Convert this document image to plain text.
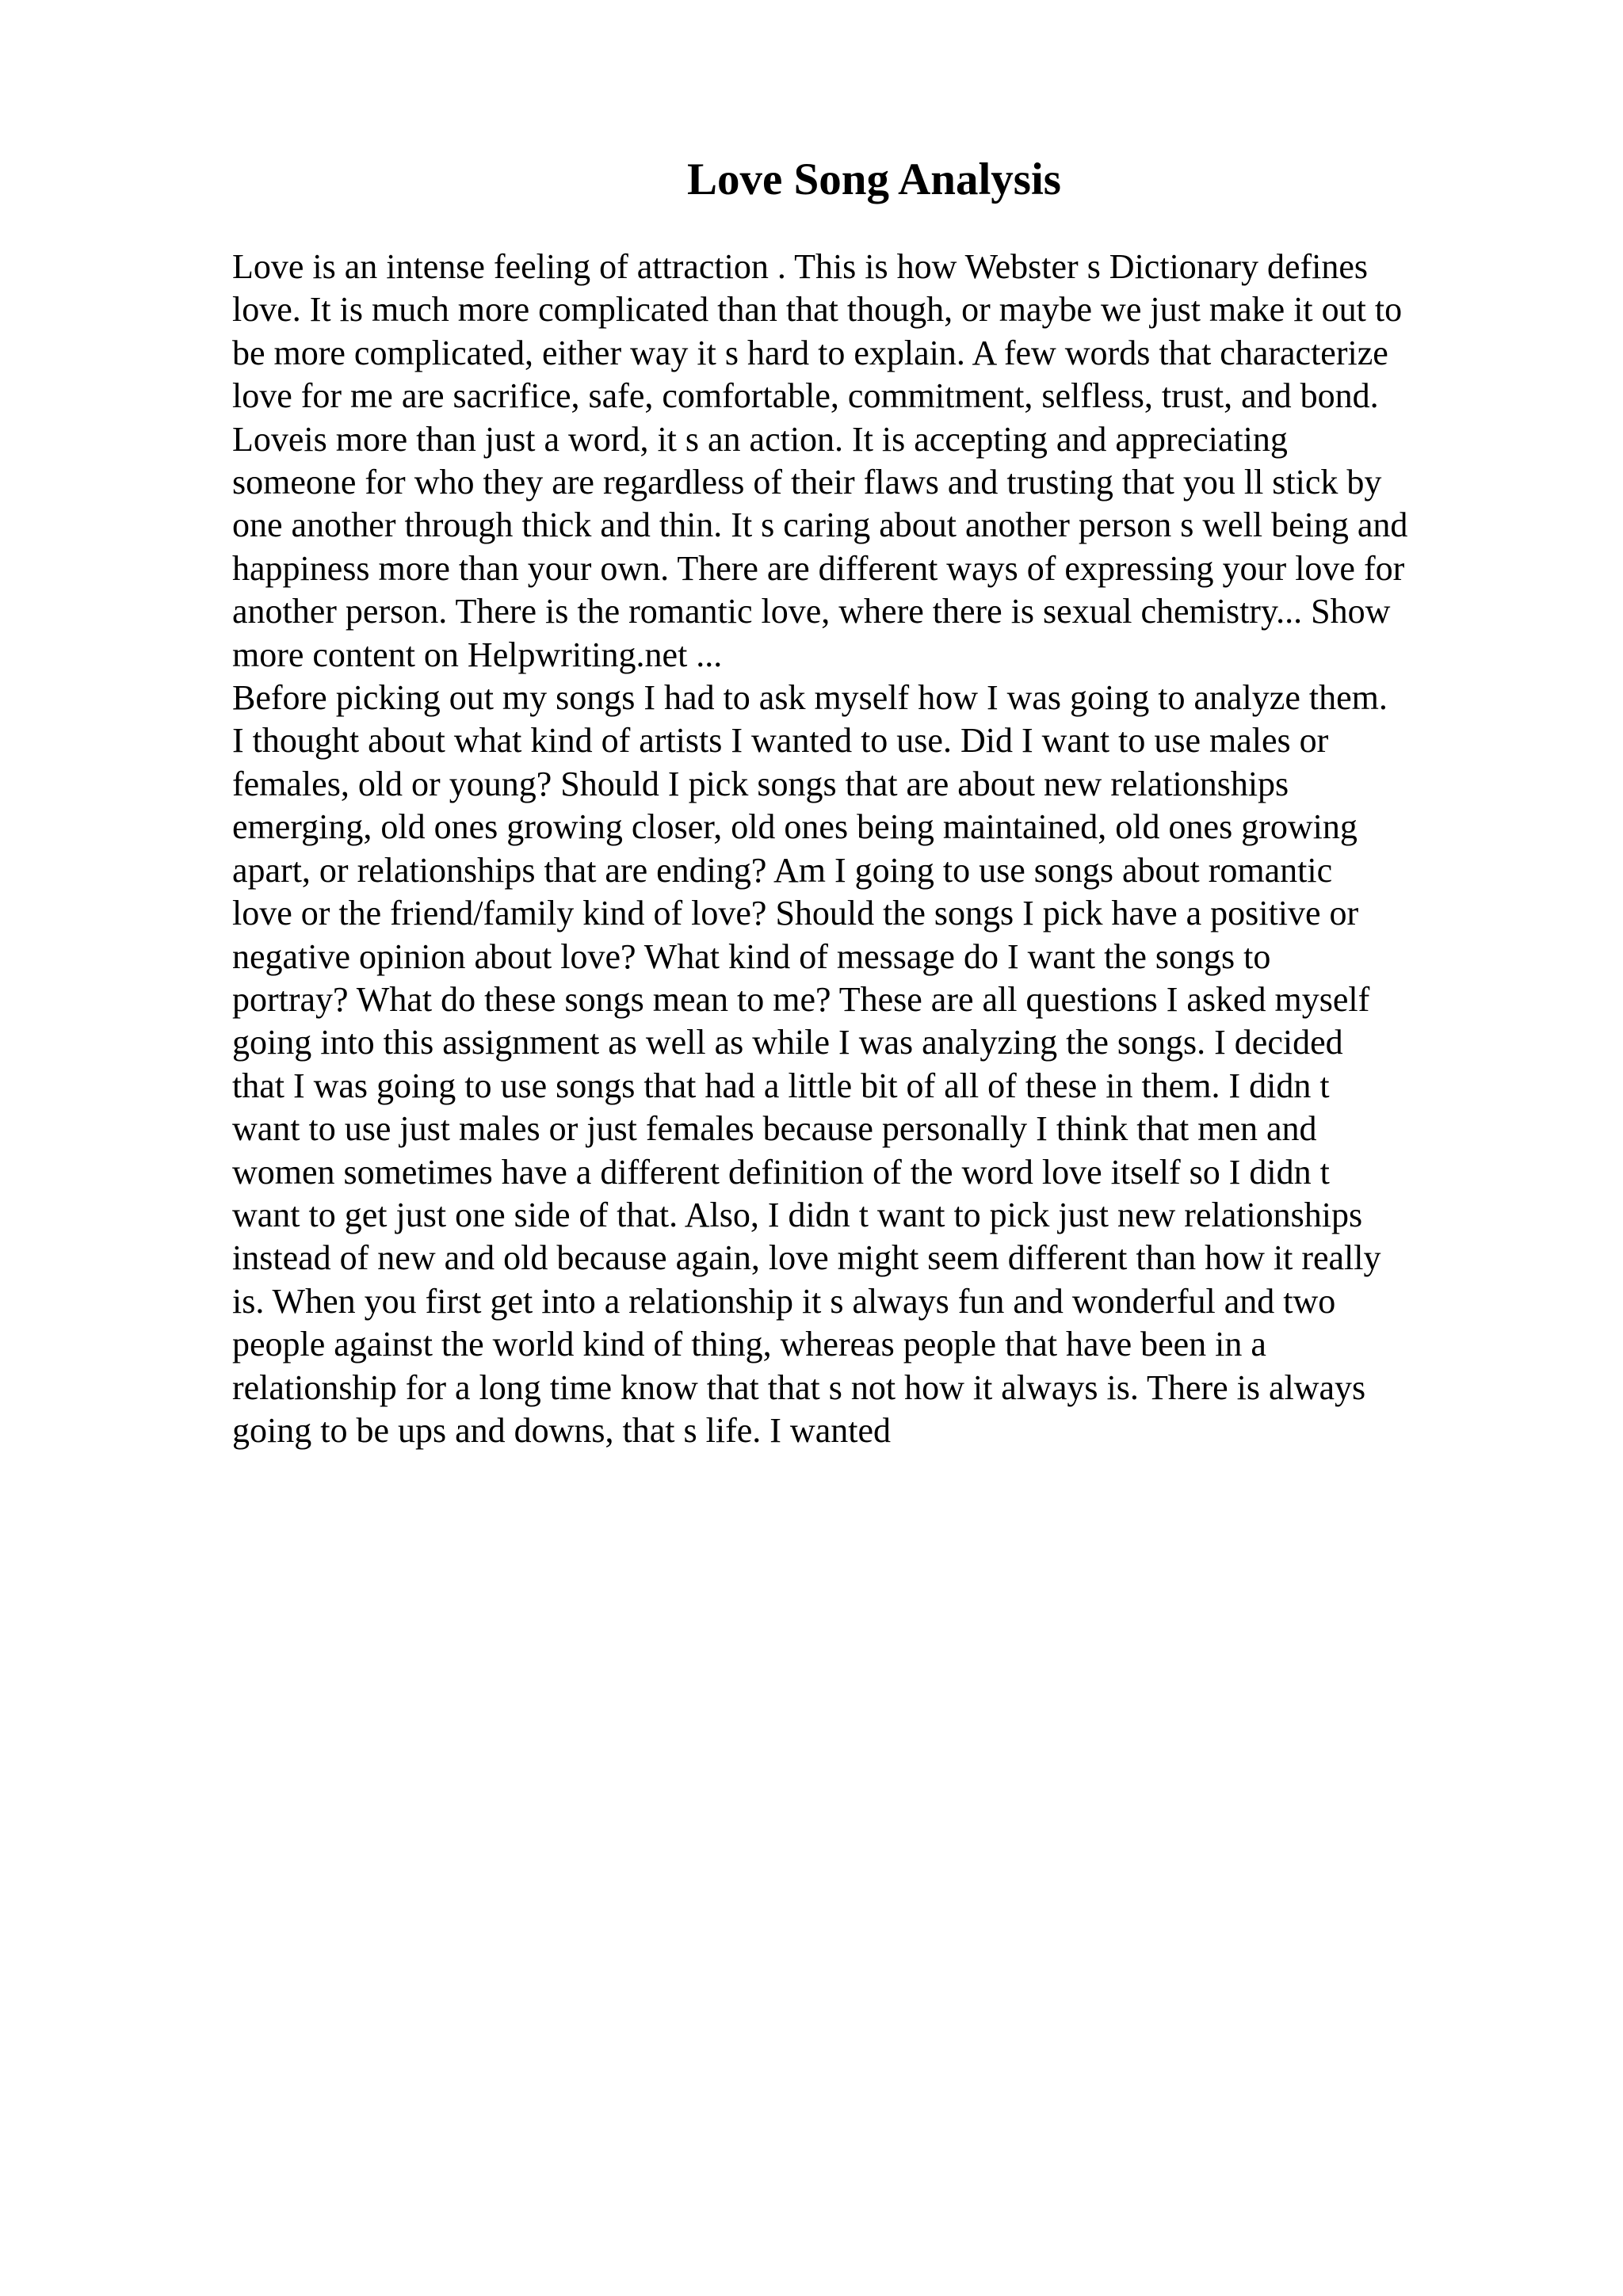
Love Song Analysis
Love is an intense feeling of attraction . This is how Webster s Dictionary defines
love. It is much more complicated than that though, or maybe we just make it out to
be more complicated, either way it s hard to explain. A few words that characterize
love for me are sacrifice, safe, comfortable, commitment, selfless, trust, and bond.
Loveis more than just a word, it s an action. It is accepting and appreciating
someone for who they are regardless of their flaws and trusting that you ll stick by
one another through thick and thin. It s caring about another person s well being and
happiness more than your own. There are different ways of expressing your love for
another person. There is the romantic love, where there is sexual chemistry... Show
more content on Helpwriting.net ...
Before picking out my songs I had to ask myself how I was going to analyze them.
I thought about what kind of artists I wanted to use. Did I want to use males or
females, old or young? Should I pick songs that are about new relationships
emerging, old ones growing closer, old ones being maintained, old ones growing
apart, or relationships that are ending? Am I going to use songs about romantic
love or the friend/family kind of love? Should the songs I pick have a positive or
negative opinion about love? What kind of message do I want the songs to
portray? What do these songs mean to me? These are all questions I asked myself
going into this assignment as well as while I was analyzing the songs. I decided
that I was going to use songs that had a little bit of all of these in them. I didn t
want to use just males or just females because personally I think that men and
women sometimes have a different definition of the word love itself so I didn t
want to get just one side of that. Also, I didn t want to pick just new relationships
instead of new and old because again, love might seem different than how it really
is. When you first get into a relationship it s always fun and wonderful and two
people against the world kind of thing, whereas people that have been in a
relationship for a long time know that that s not how it always is. There is always
going to be ups and downs, that s life. I wanted
